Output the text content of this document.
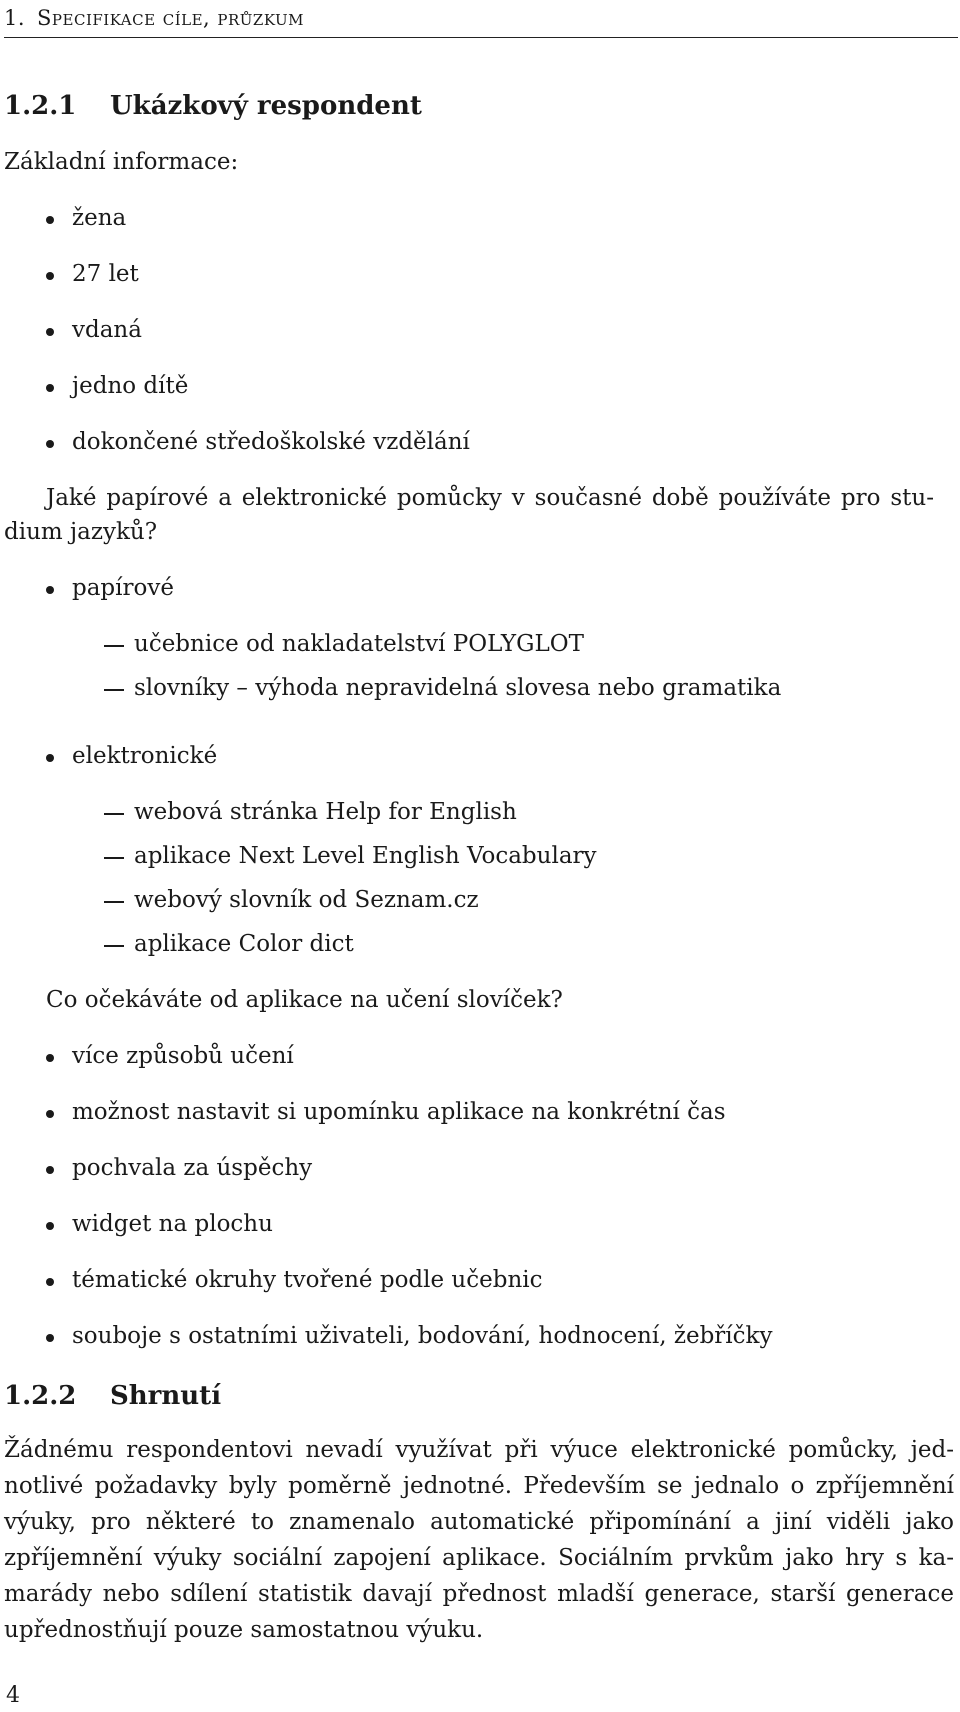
1. Specifikace cíle, průzkum
1.2.1 Ukázkový respondent

Základní informace:

žena
27 let
vdaná
jedno dítě
dokončené středoškolské vzdělání

Jaké papírové a elektronické pomůcky v současné době používáte pro stu-

dium jazyků?

papírové
elektronické
učebnice od nakladatelství POLYGLOT
slovníky – výhoda nepravidelná slovesa nebo gramatika
webová stránka Help for English
aplikace Next Level English Vocabulary
webový slovník od Seznam.cz
aplikace Color dict

Co očekáváte od aplikace na učení slovíček?

více způsobů učení
možnost nastavit si upomínku aplikace na konkrétní čas
pochvala za úspěchy
widget na plochu
tématické okruhy tvořené podle učebnic
souboje s ostatními uživateli, bodování, hodnocení, žebříčky
1.2.2 Shrnutí
Žádnému respondentovi nevadí využívat při výuce elektronické pomůcky, jed-
notlivé požadavky byly poměrně jednotné. Především se jednalo o zpříjemnění
výuky, pro některé to znamenalo automatické připomínání a jiní viděli jako
zpříjemnění výuky sociální zapojení aplikace. Sociálním prvkům jako hry s ka-
marády nebo sdílení statistik davají přednost mladší generace, starší generace
upřednostňují pouze samostatnou výuku.
4
